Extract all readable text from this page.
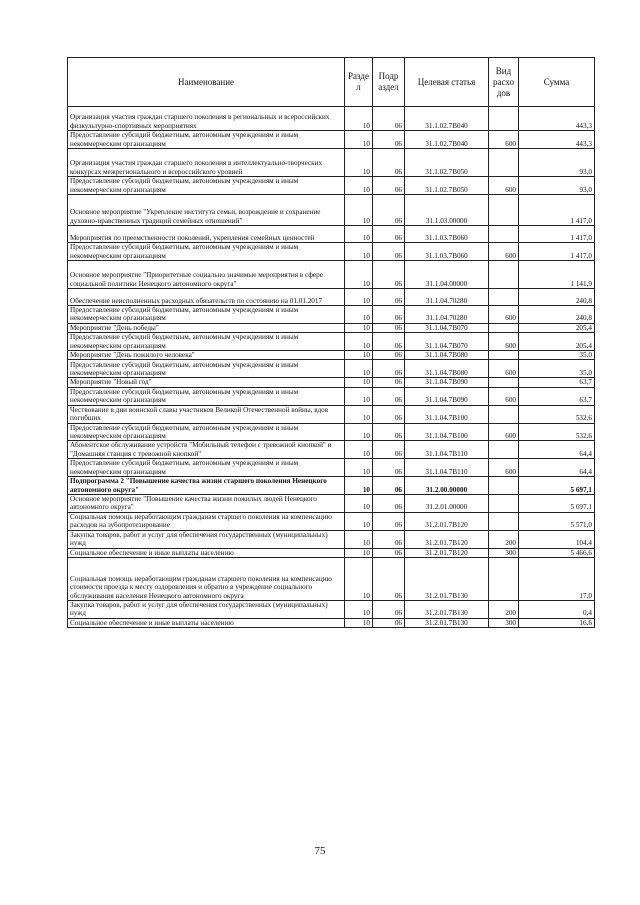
Наименование	Разде л	Подр аздел	Целевая статья	Вид расхо дов	Сумма
Организация участия граждан старшего поколения в региональных и всероссийских физкультурно-спортивных мероприятиях	10	06	31.1.02.7В040		443,3
Предоставление субсидий бюджетным, автономным учреждениям и иным некоммерческим организациям	10	06	31.1.02.7В040	600	443,3
Организация участия граждан старшего поколения в интеллектуально-творческих конкурсах межрегионального и всероссийского уровней	10	06	31.1.02.7В050		93,0
Предоставление субсидий бюджетным, автономным учреждениям и иным некоммерческим организациям	10	06	31.1.02.7В050	600	93,0
Основное мероприятие "Укрепление института семьи, возрождение и сохранение духовно-нравственных традиций семейных отношений"	10	06	31.1.03.00000		1 417,0
Мероприятия по преемственности поколений, укрепления семейных ценностей	10	06	31.1.03.7В060		1 417,0
Предоставление субсидий бюджетным, автономным учреждениям и иным некоммерческим организациям	10	06	31.1.03.7В060	600	1 417,0
Основное мероприятие "Приоритетные социально значимые мероприятия в сфере социальной политики Ненецкого автономного округа"	10	06	31.1.04.00000		1 141,9
Обеспечение неисполненных расходных обязательств по состоянию на 01.01.2017	10	06	31.1.04.70280		240,8
Предоставление субсидий бюджетным, автономным учреждениям и иным некоммерческим организациям	10	06	31.1.04.70280	600	240,8
Мероприятие "День победы"	10	06	31.1.04.7В070		205,4
Предоставление субсидий бюджетным, автономным учреждениям и иным некоммерческим организациям	10	06	31.1.04.7В070	600	205,4
Мероприятие "День пожилого человека"	10	06	31.1.04.7В080		35,0
Предоставление субсидий бюджетным, автономным учреждениям и иным некоммерческим организациям	10	06	31.1.04.7В080	600	35,0
Мероприятие "Новый год"	10	06	31.1.04.7В090		63,7
Предоставление субсидий бюджетным, автономным учреждениям и иным некоммерческим организациям	10	06	31.1.04.7В090	600	63,7
Чествование в дни воинской славы участников Великой Отечественной войны, вдов погибших	10	06	31.1.04.7В100		532,6
Предоставление субсидий бюджетным, автономным учреждениям и иным некоммерческим организациям	10	06	31.1.04.7В100	600	532,6
Абонентское обслуживание устройств "Мобильный телефон с тревожной кнопкой" и "Домашняя станция с тревожной кнопкой"	10	06	31.1.04.7В110		64,4
Предоставление субсидий бюджетным, автономным учреждениям и иным некоммерческим организациям	10	06	31.1.04.7В110	600	64,4
Подпрограмма 2 "Повышение качества жизни старшего поколения Ненецкого автономного округа"	10	06	31.2.00.00000		5 697,1
Основное мероприятие "Повышение качества жизни пожилых людей Ненецкого автономного округа"	10	06	31.2.01.00000		5 697,1
Социальная помощь неработающим гражданам старшего поколения на компенсацию расходов на зубопротезирование	10	06	31.2.01.7В120		5 571,0
Закупка товаров, работ и услуг для обеспечения государственных (муниципальных) нужд	10	06	31.2.01.7В120	200	104,4
Социальное обеспечение и иные выплаты населению	10	06	31.2.01.7В120	300	5 466,6
Социальная помощь неработающим гражданам старшего поколения на компенсацию стоимости проезда к месту оздоровления и обратно в учреждение социального обслуживания населения Ненецкого автономного округа	10	06	31.2.01.7В130		17,0
Закупка товаров, работ и услуг для обеспечения государственных (муниципальных) нужд	10	06	31.2.01.7В130	200	0,4
Социальное обеспечение и иные выплаты населению	10	06	31.2.01.7В130	300	16,6
75
